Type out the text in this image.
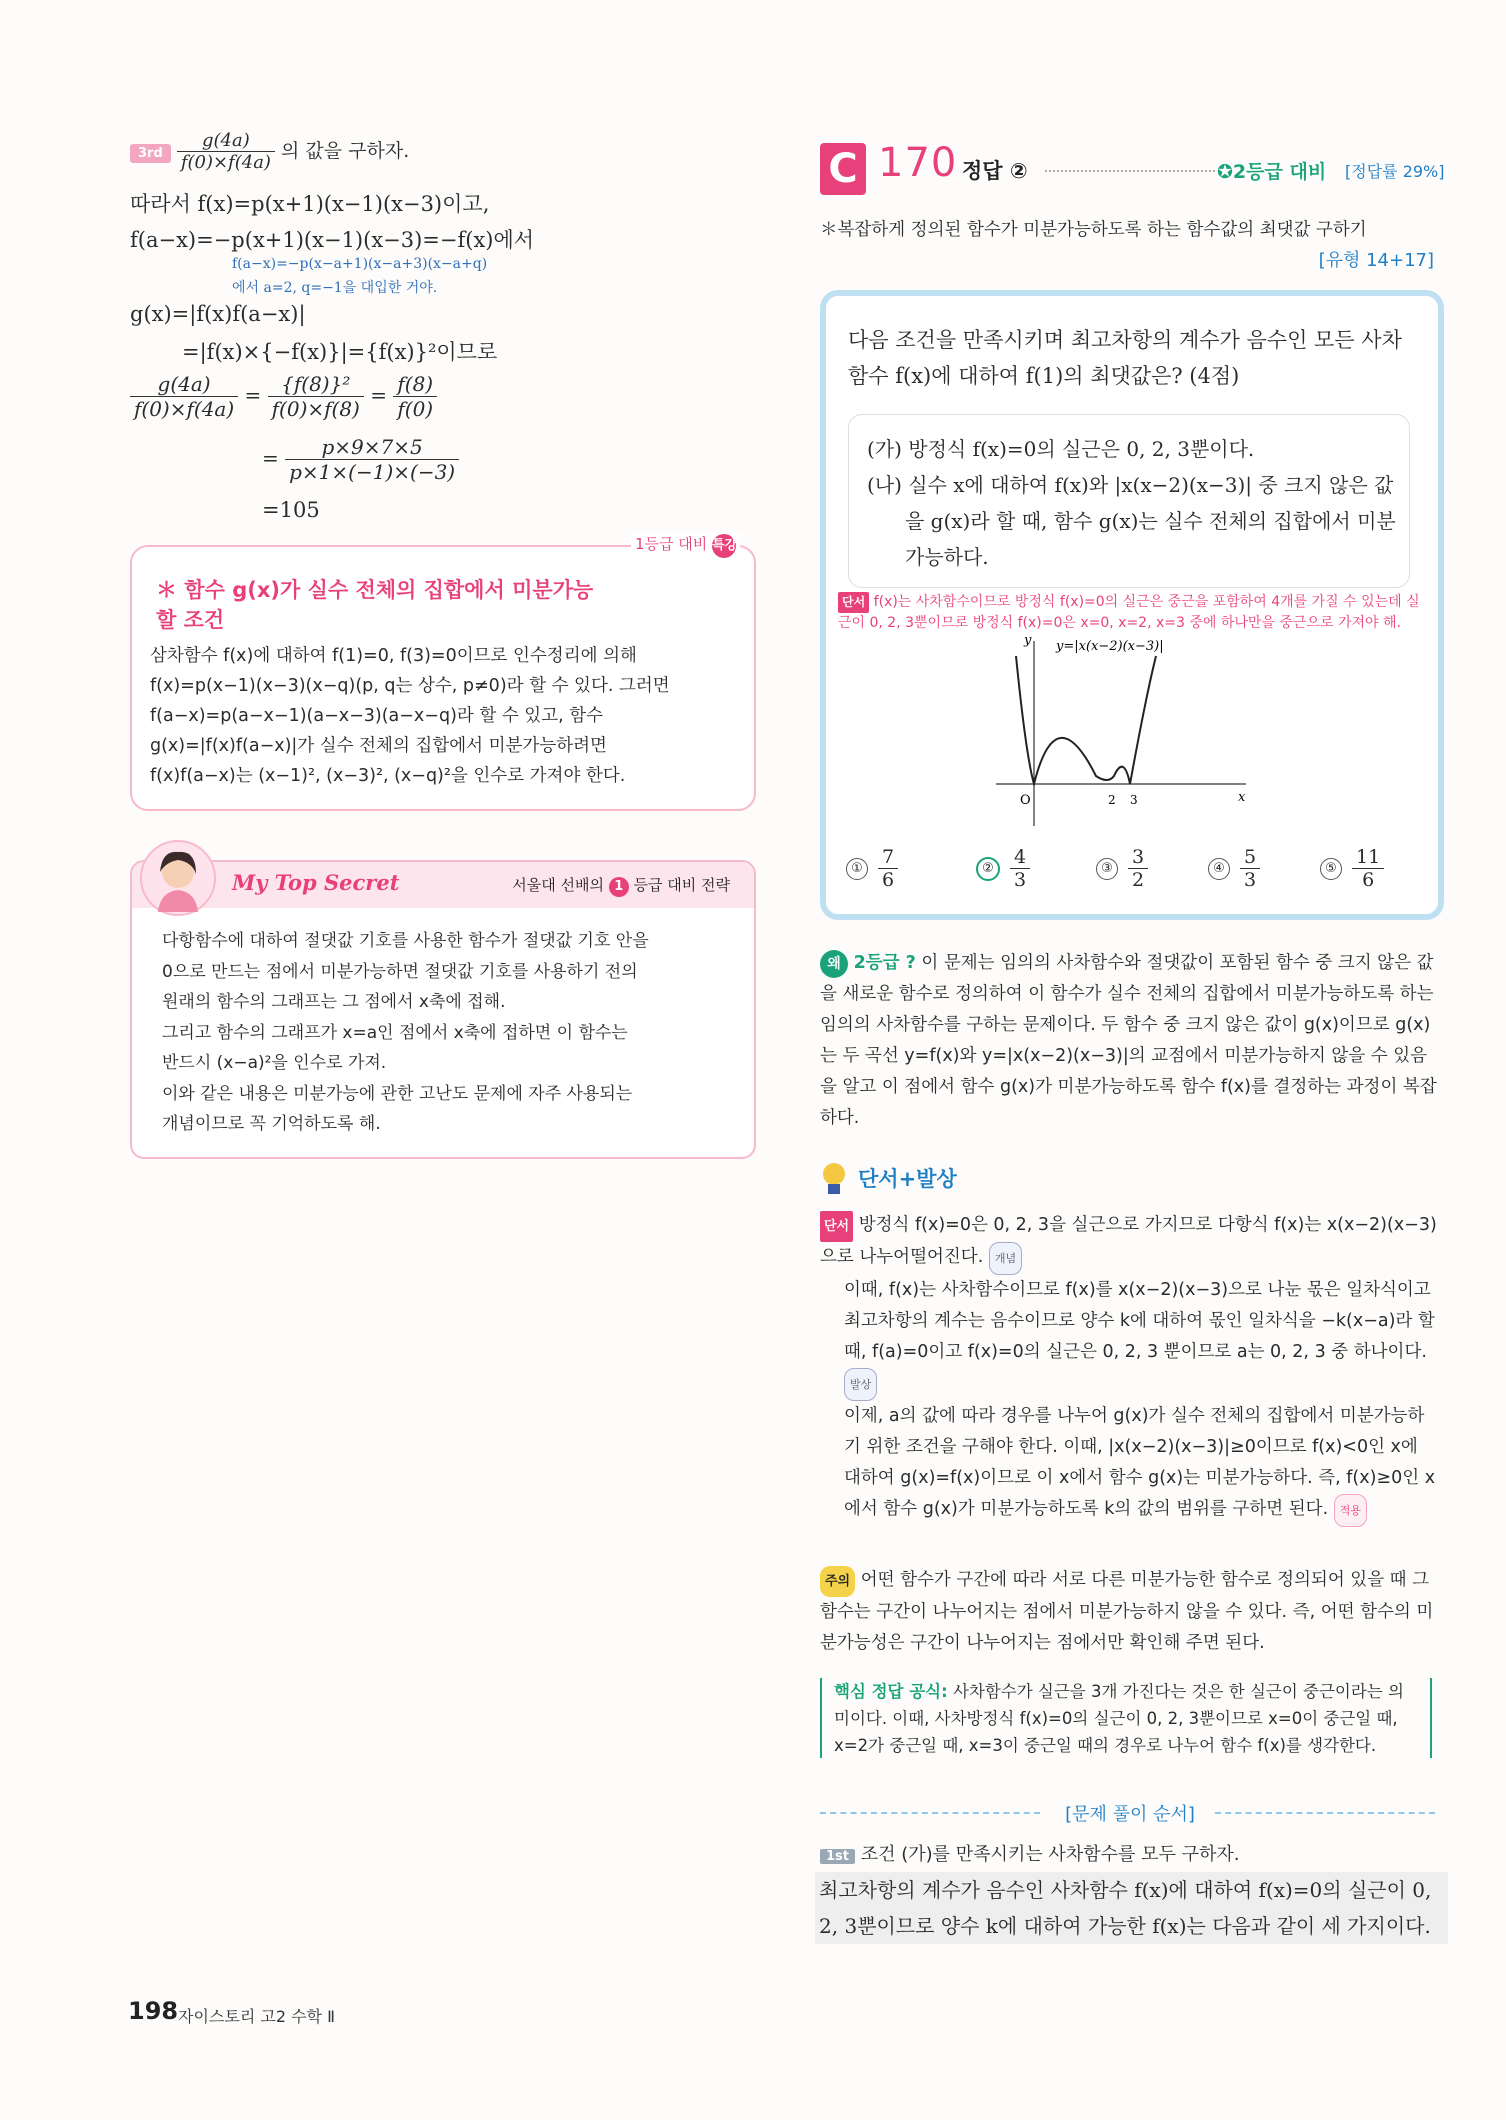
$3rd \frac{g(4a)}{f(0)\times f(4a)}$ 의 값을 구하자.
따라서 f(x)=p(x+1)(x−1)(x−3)이고,
f(a−x)=−p(x+1)(x−1)(x−3)=−f(x)에서
f(a−x)=−p(x−a+1)(x−a+3)(x−a+q)
에서 a=2, q=−1을 대입한 거야.
g(x)=|f(x)f(a−x)|
=|f(x)×{−f(x)}|={f(x)}²이므로
$\frac{g(4a)}{f(0)\times f(4a)} = \frac{\text{\{f(8)\}²}}{f(0)\times f(8)} = \frac{f(8)}{f(0)}$
= $\frac{p\times 9\times 7\times 5}{p\times 1\times(-1)\times(-3)}$
=105
1등급 대비 특강
＊ 함수 g(x)가 실수 전체의 집합에서 미분가능할 조건
삼차함수 f(x)에 대하여 f(1)=0, f(3)=0이므로 인수정리에 의해
f(x)=p(x−1)(x−3)(x−q)(p, q는 상수, p≠0)라 할 수 있다. 그러면
f(a−x)=p(a−x−1)(a−x−3)(a−x−q)라 할 수 있고, 함수
g(x)=|f(x)f(a−x)|가 실수 전체의 집합에서 미분가능하려면
f(x)f(a−x)는 (x−1)², (x−3)², (x−q)²을 인수로 가져야 한다.
My Top Secret	서울대 선배의 1 등급 대비 전략
다항함수에 대하여 절댓값 기호를 사용한 함수가 절댓값 기호 안을
0으로 만드는 점에서 미분가능하면 절댓값 기호를 사용하기 전의
원래의 함수의 그래프는 그 점에서 x축에 접해.
그리고 함수의 그래프가 x=a인 점에서 x축에 접하면 이 함수는
반드시 (x−a)²을 인수로 가져.
이와 같은 내용은 미분가능에 관한 고난도 문제에 자주 사용되는
개념이므로 꼭 기억하도록 해.
198 자이스토리 고2 수학 Ⅱ
C 170 정답 ②	✪2등급 대비 [정답률 29%]
＊복잡하게 정의된 함수가 미분가능하도록 하는 함수값의 최댓값 구하기
[유형 14+17]
다음 조건을 만족시키며 최고차항의 계수가 음수인 모든 사차함수 f(x)에 대하여 f(1)의 최댓값은? (4점)
(가) 방정식 f(x)=0의 실근은 0, 2, 3뿐이다.
(나) 실수 x에 대하여 f(x)와 |x(x−2)(x−3)| 중 크지 않은 값을 g(x)라 할 때, 함수 g(x)는 실수 전체의 집합에서 미분가능하다.
단서 f(x)는 사차함수이므로 방정식 f(x)=0의 실근은 중근을 포함하여 4개를 가질 수 있는데 실근이 0, 2, 3뿐이므로 방정식 f(x)=0은 x=0, x=2, x=3 중에 하나만을 중근으로 가져야 해.
y
x
O	2 3
y=|x(x−2)(x−3)|
① $\frac{7}{6}$	② $\frac{4}{3}$	③ $\frac{3}{2}$	④ $\frac{5}{3}$	⑤ $\frac{11}{6}$
왜 2등급 ? 이 문제는 임의의 사차함수와 절댓값이 포함된 함수 중 크지 않은 값을 새로운 함수로 정의하여 이 함수가 실수 전체의 집합에서 미분가능하도록 하는 임의의 사차함수를 구하는 문제이다. 두 함수 중 크지 않은 값이 g(x)이므로 g(x)는 두 곡선 y=f(x)와 y=|x(x−2)(x−3)|의 교점에서 미분가능하지 않을 수 있음을 알고 이 점에서 함수 g(x)가 미분가능하도록 함수 f(x)를 결정하는 과정이 복잡하다.
단서+발상
단서 방정식 f(x)=0은 0, 2, 3을 실근으로 가지므로 다항식 f(x)는 x(x−2)(x−3)으로 나누어떨어진다. 개념
이때, f(x)는 사차함수이므로 f(x)를 x(x−2)(x−3)으로 나눈 몫은 일차식이고 최고차항의 계수는 음수이므로 양수 k에 대하여 몫인 일차식을 −k(x−a)라 할 때, f(a)=0이고 f(x)=0의 실근은 0, 2, 3 뿐이므로 a는 0, 2, 3 중 하나이다. 발상
이제, a의 값에 따라 경우를 나누어 g(x)가 실수 전체의 집합에서 미분가능하기 위한 조건을 구해야 한다. 이때, |x(x−2)(x−3)|≥0이므로 f(x)<0인 x에 대하여 g(x)=f(x)이므로 이 x에서 함수 g(x)는 미분가능하다. 즉, f(x)≥0인 x에서 함수 g(x)가 미분가능하도록 k의 값의 범위를 구하면 된다. 적용
주의 어떤 함수가 구간에 따라 서로 다른 미분가능한 함수로 정의되어 있을 때 그 함수는 구간이 나누어지는 점에서 미분가능하지 않을 수 있다. 즉, 어떤 함수의 미분가능성은 구간이 나누어지는 점에서만 확인해 주면 된다.
핵심 정답 공식: 사차함수가 실근을 3개 가진다는 것은 한 실근이 중근이라는 의미이다. 이때, 사차방정식 f(x)=0의 실근이 0, 2, 3뿐이므로 x=0이 중근일 때, x=2가 중근일 때, x=3이 중근일 때의 경우로 나누어 함수 f(x)를 생각한다.
[문제 풀이 순서]
1st 조건 (가)를 만족시키는 사차함수를 모두 구하자.
최고차항의 계수가 음수인 사차함수 f(x)에 대하여 f(x)=0의 실근이 0, 2, 3뿐이므로 양수 k에 대하여 가능한 f(x)는 다음과 같이 세 가지이다.
